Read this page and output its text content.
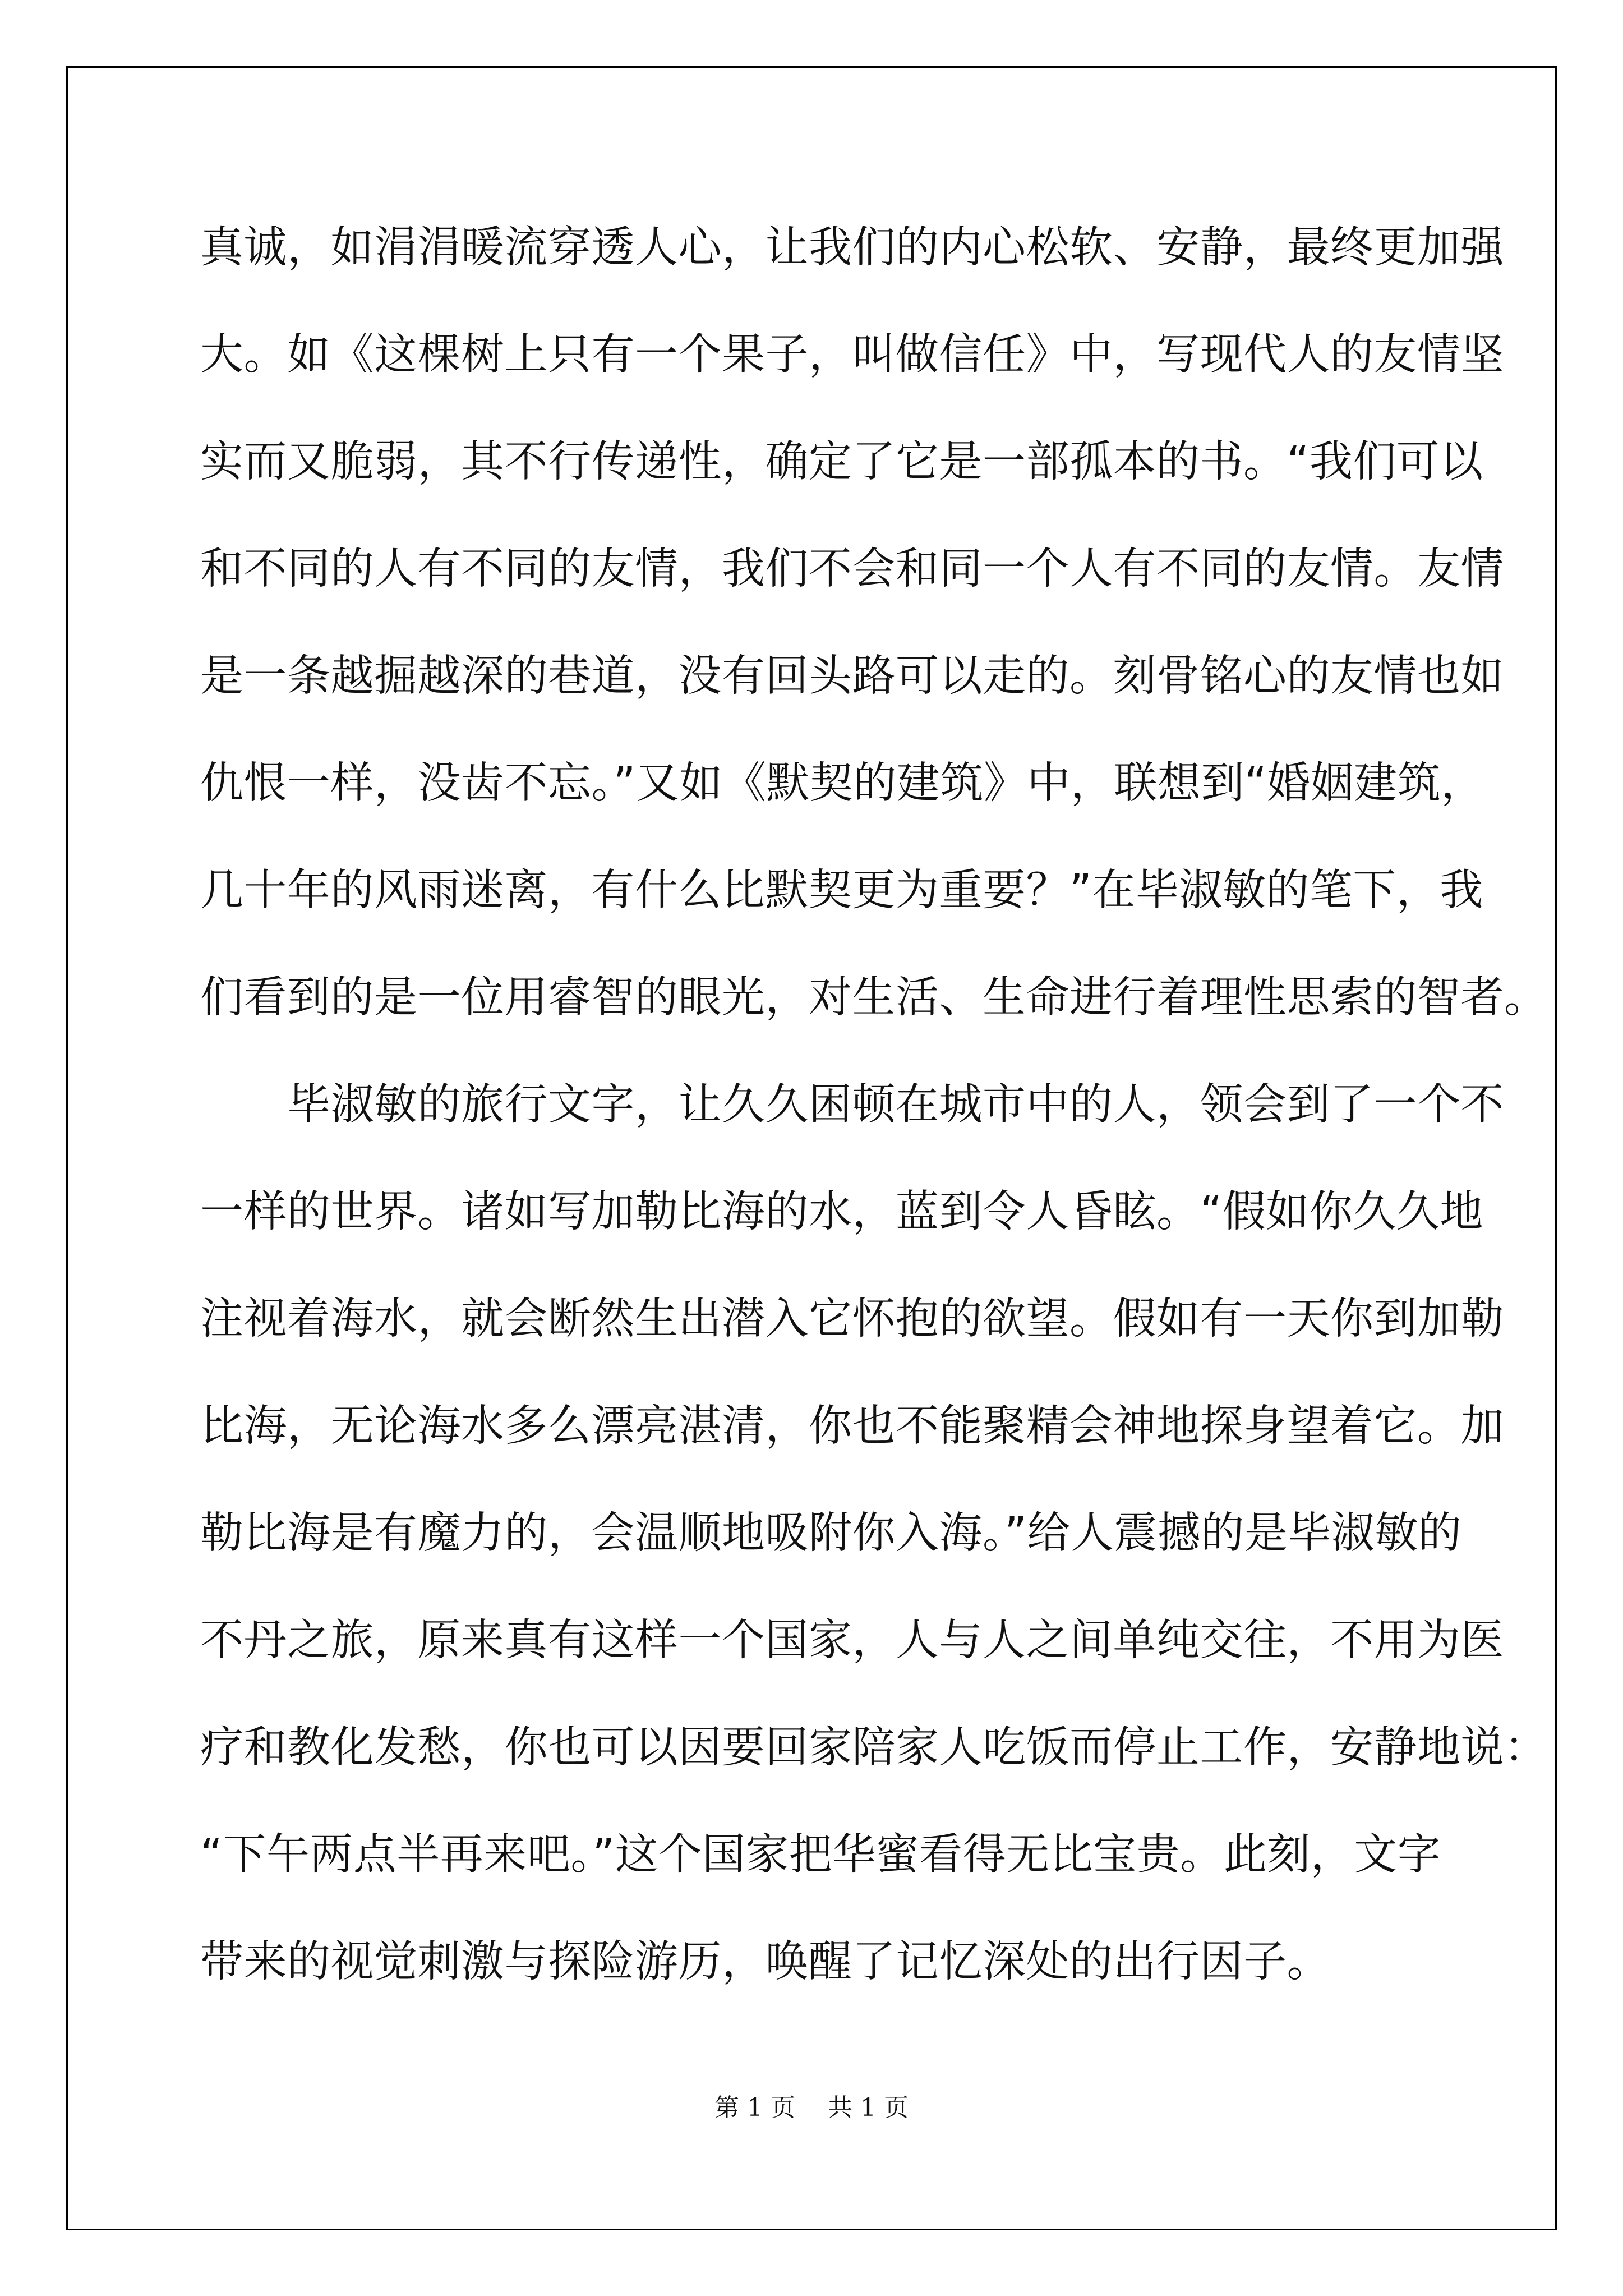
真诚，如涓涓暖流穿透人心，让我们的内心松软、安静，最终更加强
大。如《这棵树上只有一个果子，叫做信任》中，写现代人的友情坚
实而又脆弱，其不行传递性，确定了它是一部孤本的书。“我们可以
和不同的人有不同的友情，我们不会和同一个人有不同的友情。友情
是一条越掘越深的巷道，没有回头路可以走的。刻骨铭心的友情也如
仇恨一样，没齿不忘。”又如《默契的建筑》中，联想到“婚姻建筑，
几十年的风雨迷离，有什么比默契更为重要？”在毕淑敏的笔下，我
们看到的是一位用睿智的眼光，对生活、生命进行着理性思索的智者。
　　毕淑敏的旅行文字，让久久困顿在城市中的人，领会到了一个不
一样的世界。诸如写加勒比海的水，蓝到令人昏眩。“假如你久久地
注视着海水，就会断然生出潜入它怀抱的欲望。假如有一天你到加勒
比海，无论海水多么漂亮湛清，你也不能聚精会神地探身望着它。加
勒比海是有魔力的，会温顺地吸附你入海。”给人震撼的是毕淑敏的
不丹之旅，原来真有这样一个国家，人与人之间单纯交往，不用为医
疗和教化发愁，你也可以因要回家陪家人吃饭而停止工作，安静地说：
“下午两点半再来吧。”这个国家把华蜜看得无比宝贵。此刻，文字
带来的视觉刺激与探险游历，唤醒了记忆深处的出行因子。
第 1 页　 共 1 页
